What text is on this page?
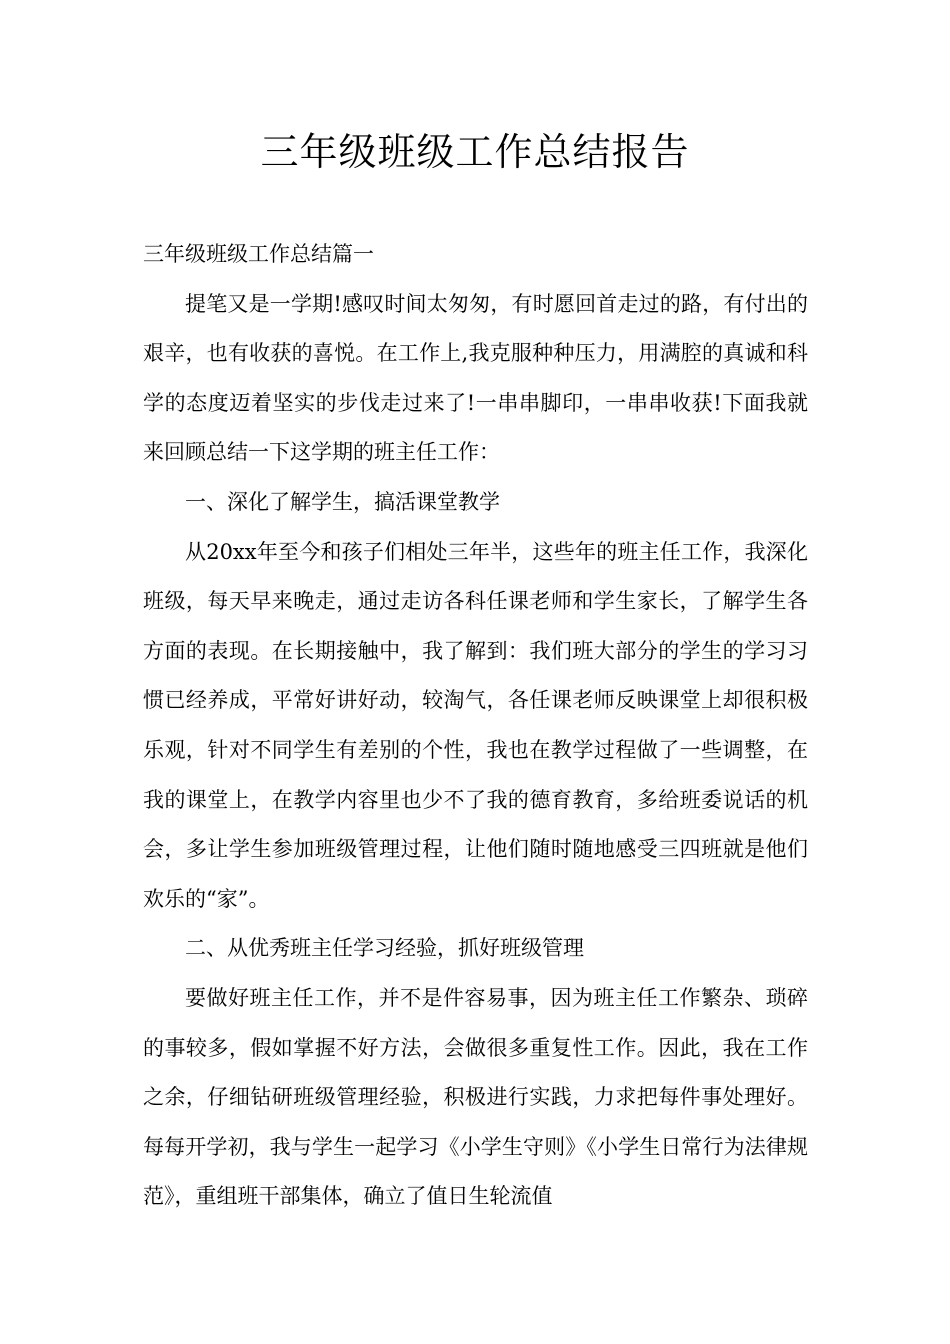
三年级班级工作总结报告

三年级班级工作总结篇一

提笔又是一学期!感叹时间太匆匆，有时愿回首走过的路，有付出的艰辛，也有收获的喜悦。在工作上,我克服种种压力，用满腔的真诚和科学的态度迈着坚实的步伐走过来了!一串串脚印，一串串收获!下面我就来回顾总结一下这学期的班主任工作：

一、深化了解学生，搞活课堂教学

从20xx年至今和孩子们相处三年半，这些年的班主任工作，我深化班级，每天早来晚走，通过走访各科任课老师和学生家长，了解学生各方面的表现。在长期接触中，我了解到：我们班大部分的学生的学习习惯已经养成，平常好讲好动，较淘气，各任课老师反映课堂上却很积极乐观，针对不同学生有差别的个性，我也在教学过程做了一些调整，在我的课堂上，在教学内容里也少不了我的德育教育，多给班委说话的机会，多让学生参加班级管理过程，让他们随时随地感受三四班就是他们欢乐的“家”。

二、从优秀班主任学习经验，抓好班级管理

要做好班主任工作，并不是件容易事，因为班主任工作繁杂、琐碎的事较多，假如掌握不好方法，会做很多重复性工作。因此，我在工作之余，仔细钻研班级管理经验，积极进行实践，力求把每件事处理好。每每开学初，我与学生一起学习《小学生守则》《小学生日常行为法律规范》，重组班干部集体，确立了值日生轮流值
